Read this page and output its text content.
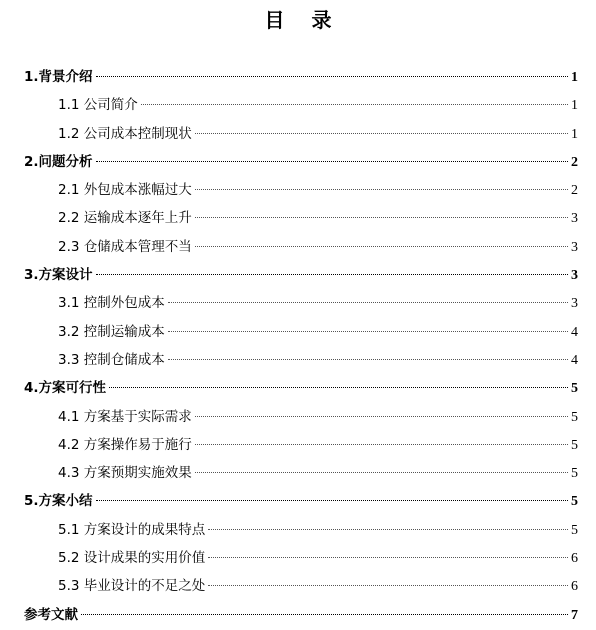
目 录
1.背景介绍	1
1.1 公司简介	1
1.2 公司成本控制现状	1
2.问题分析	2
2.1 外包成本涨幅过大	2
2.2 运输成本逐年上升	3
2.3 仓储成本管理不当	3
3.方案设计	3
3.1 控制外包成本	3
3.2 控制运输成本	4
3.3 控制仓储成本	4
4.方案可行性	5
4.1 方案基于实际需求	5
4.2 方案操作易于施行	5
4.3 方案预期实施效果	5
5.方案小结	5
5.1 方案设计的成果特点	5
5.2 设计成果的实用价值	6
5.3 毕业设计的不足之处	6
参考文献	7
